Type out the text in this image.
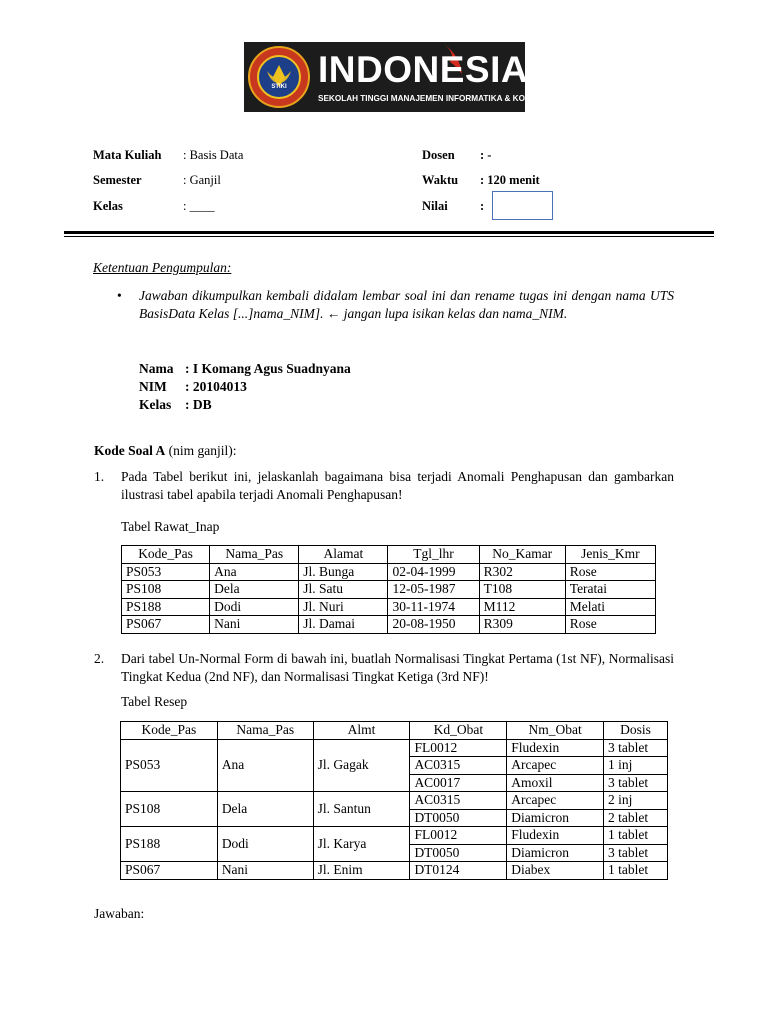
STIKI INDONESIA
SEKOLAH TINGGI MANAJEMEN INFORMATIKA & KOMPUTER
Mata Kuliah : Basis Data
Semester	: Ganjil
Kelas	: ____
Dosen : -
Waktu : 120 menit
Nilai	:
Ketentuan Pengumpulan:
• Jawaban dikumpulkan kembali didalam lembar soal ini dan rename tugas ini dengan nama UTS BasisData Kelas [...]nama_NIM]. ← jangan lupa isikan kelas dan nama_NIM.
Nama : I Komang Agus Suadnyana
NIM : 20104013
Kelas : DB
Kode Soal A (nim ganjil):
1. Pada Tabel berikut ini, jelaskanlah bagaimana bisa terjadi Anomali Penghapusan dan gambarkan ilustrasi tabel apabila terjadi Anomali Penghapusan!
Tabel Rawat_Inap
Kode_Pas	Nama_Pas	Alamat	Tgl_lhr	No_Kamar	Jenis_Kmr
PS053	Ana	Jl. Bunga	02-04-1999	R302	Rose
PS108	Dela	Jl. Satu	12-05-1987	T108	Teratai
PS188	Dodi	Jl. Nuri	30-11-1974	M112	Melati
PS067	Nani	Jl. Damai	20-08-1950	R309	Rose
2. Dari tabel Un-Normal Form di bawah ini, buatlah Normalisasi Tingkat Pertama (1st NF), Normalisasi Tingkat Kedua (2nd NF), dan Normalisasi Tingkat Ketiga (3rd NF)!
Tabel Resep
Kode_Pas	Nama_Pas	Almt	Kd_Obat	Nm_Obat	Dosis
PS053	Ana	Jl. Gagak	FL0012	Fludexin	3 tablet
			AC0315	Arcapec	1 inj
			AC0017	Amoxil	3 tablet
PS108	Dela	Jl. Santun	AC0315	Arcapec	2 inj
			DT0050	Diamicron	2 tablet
PS188	Dodi	Jl. Karya	FL0012	Fludexin	1 tablet
			DT0050	Diamicron	3 tablet
PS067	Nani	Jl. Enim	DT0124	Diabex	1 tablet
Jawaban:
